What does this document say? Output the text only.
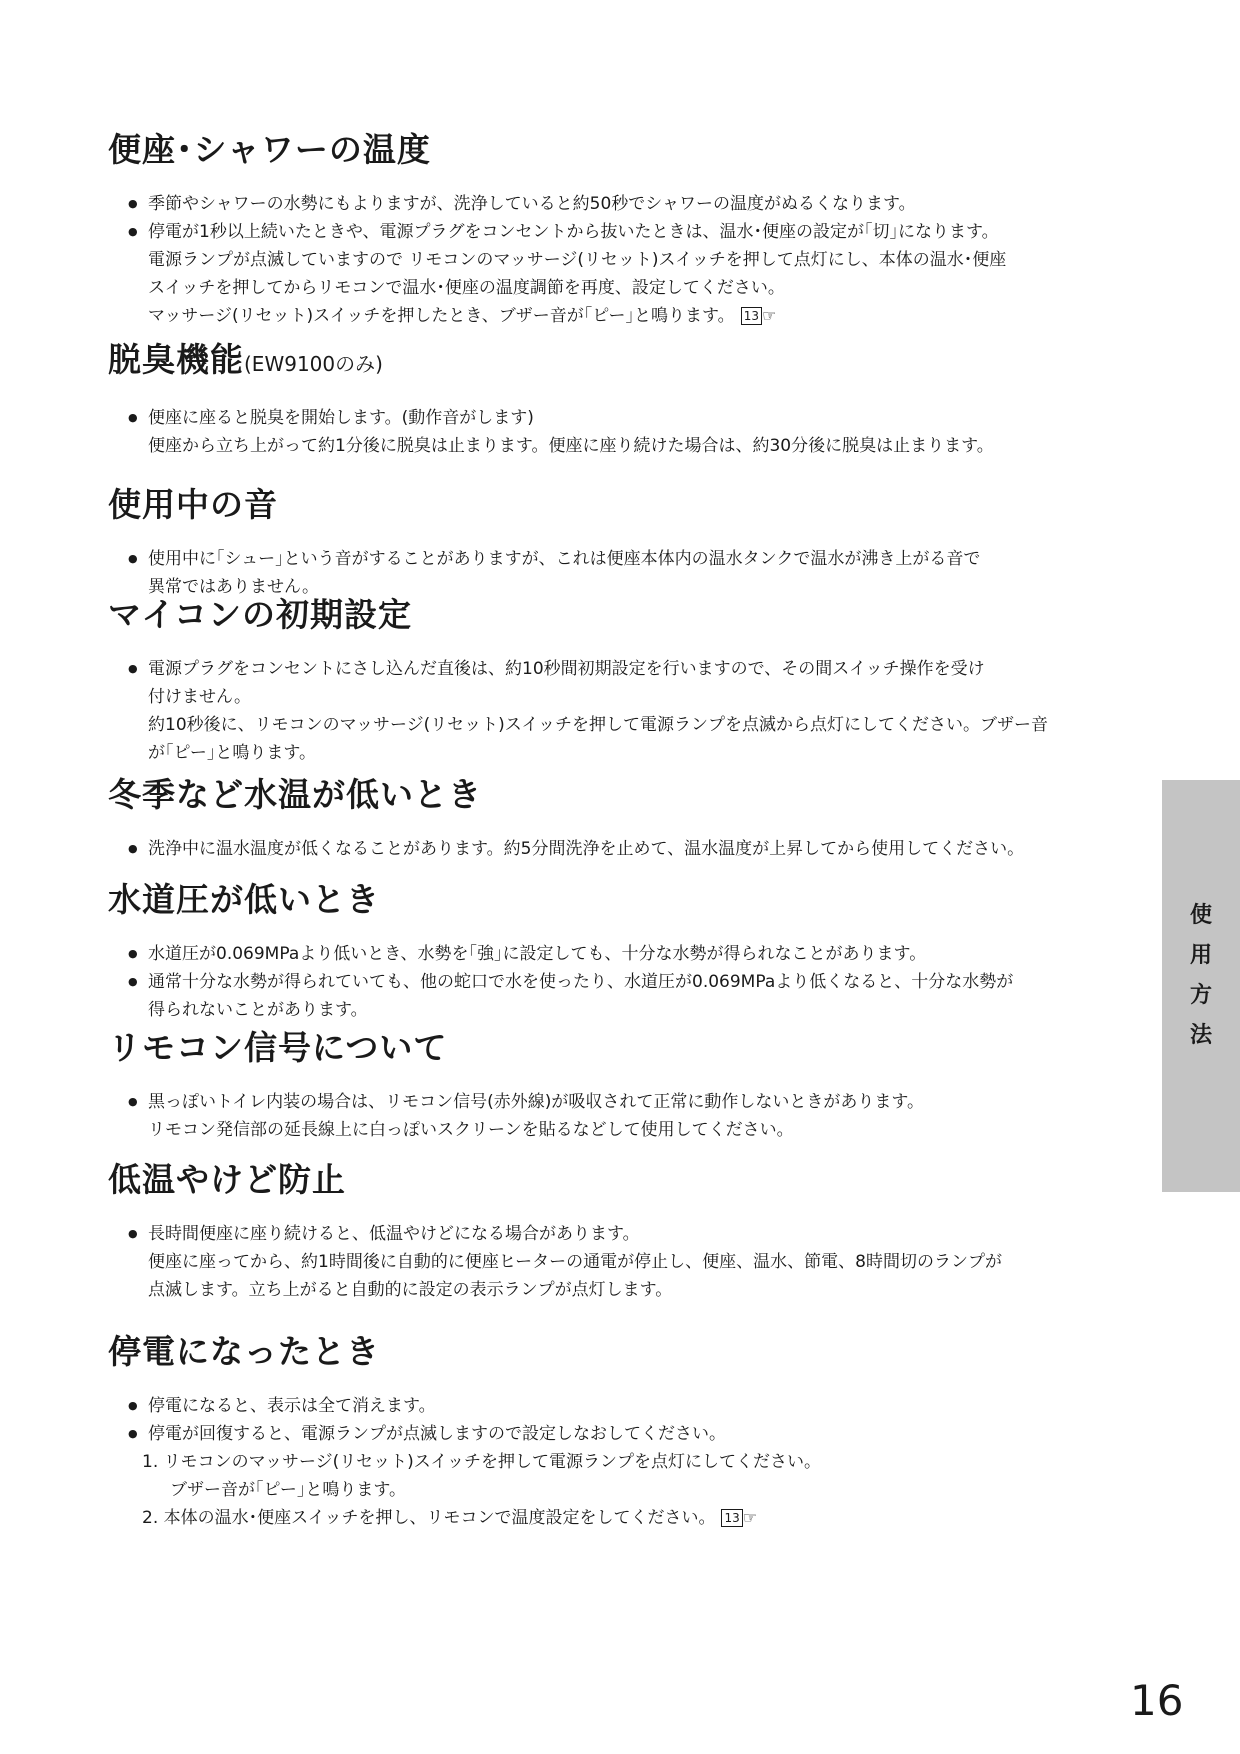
便座･シャワーの温度
● 季節やシャワーの水勢にもよりますが、洗浄していると約50秒でシャワーの温度がぬるくなります。
● 停電が1秒以上続いたときや、電源プラグをコンセントから抜いたときは、温水･便座の設定が｢切｣になります。
電源ランプが点滅していますので リモコンのマッサージ(リセット)スイッチを押して点灯にし、本体の温水･便座
スイッチを押してからリモコンで温水･便座の温度調節を再度、設定してください。
マッサージ(リセット)スイッチを押したとき、ブザー音が｢ピー｣と鳴ります。 13 ☞
脱臭機能(EW9100のみ)
● 便座に座ると脱臭を開始します。(動作音がします)
便座から立ち上がって約1分後に脱臭は止まります。便座に座り続けた場合は、約30分後に脱臭は止まります。
使用中の音
● 使用中に｢シュー｣という音がすることがありますが、これは便座本体内の温水タンクで温水が沸き上がる音で
異常ではありません。
マイコンの初期設定
● 電源プラグをコンセントにさし込んだ直後は、約10秒間初期設定を行いますので、その間スイッチ操作を受け
付けません。
約10秒後に、リモコンのマッサージ(リセット)スイッチを押して電源ランプを点滅から点灯にしてください。ブザー音
が｢ピー｣と鳴ります。
冬季など水温が低いとき
● 洗浄中に温水温度が低くなることがあります。約5分間洗浄を止めて、温水温度が上昇してから使用してください。
水道圧が低いとき
● 水道圧が0.069MPaより低いとき、水勢を｢強｣に設定しても、十分な水勢が得られなことがあります。
● 通常十分な水勢が得られていても、他の蛇口で水を使ったり、水道圧が0.069MPaより低くなると、十分な水勢が
得られないことがあります。
リモコン信号について
● 黒っぽいトイレ内装の場合は、リモコン信号(赤外線)が吸収されて正常に動作しないときがあります。
リモコン発信部の延長線上に白っぽいスクリーンを貼るなどして使用してください。
低温やけど防止
● 長時間便座に座り続けると、低温やけどになる場合があります。
便座に座ってから、約1時間後に自動的に便座ヒーターの通電が停止し、便座、温水、節電、8時間切のランプが
点滅します。立ち上がると自動的に設定の表示ランプが点灯します。
停電になったとき
● 停電になると、表示は全て消えます。
● 停電が回復すると、電源ランプが点滅しますので設定しなおしてください。
1. リモコンのマッサージ(リセット)スイッチを押して電源ランプを点灯にしてください。
ブザー音が｢ピー｣と鳴ります。
2. 本体の温水･便座スイッチを押し、リモコンで温度設定をしてください。 13 ☞
使
用
方
法
16
